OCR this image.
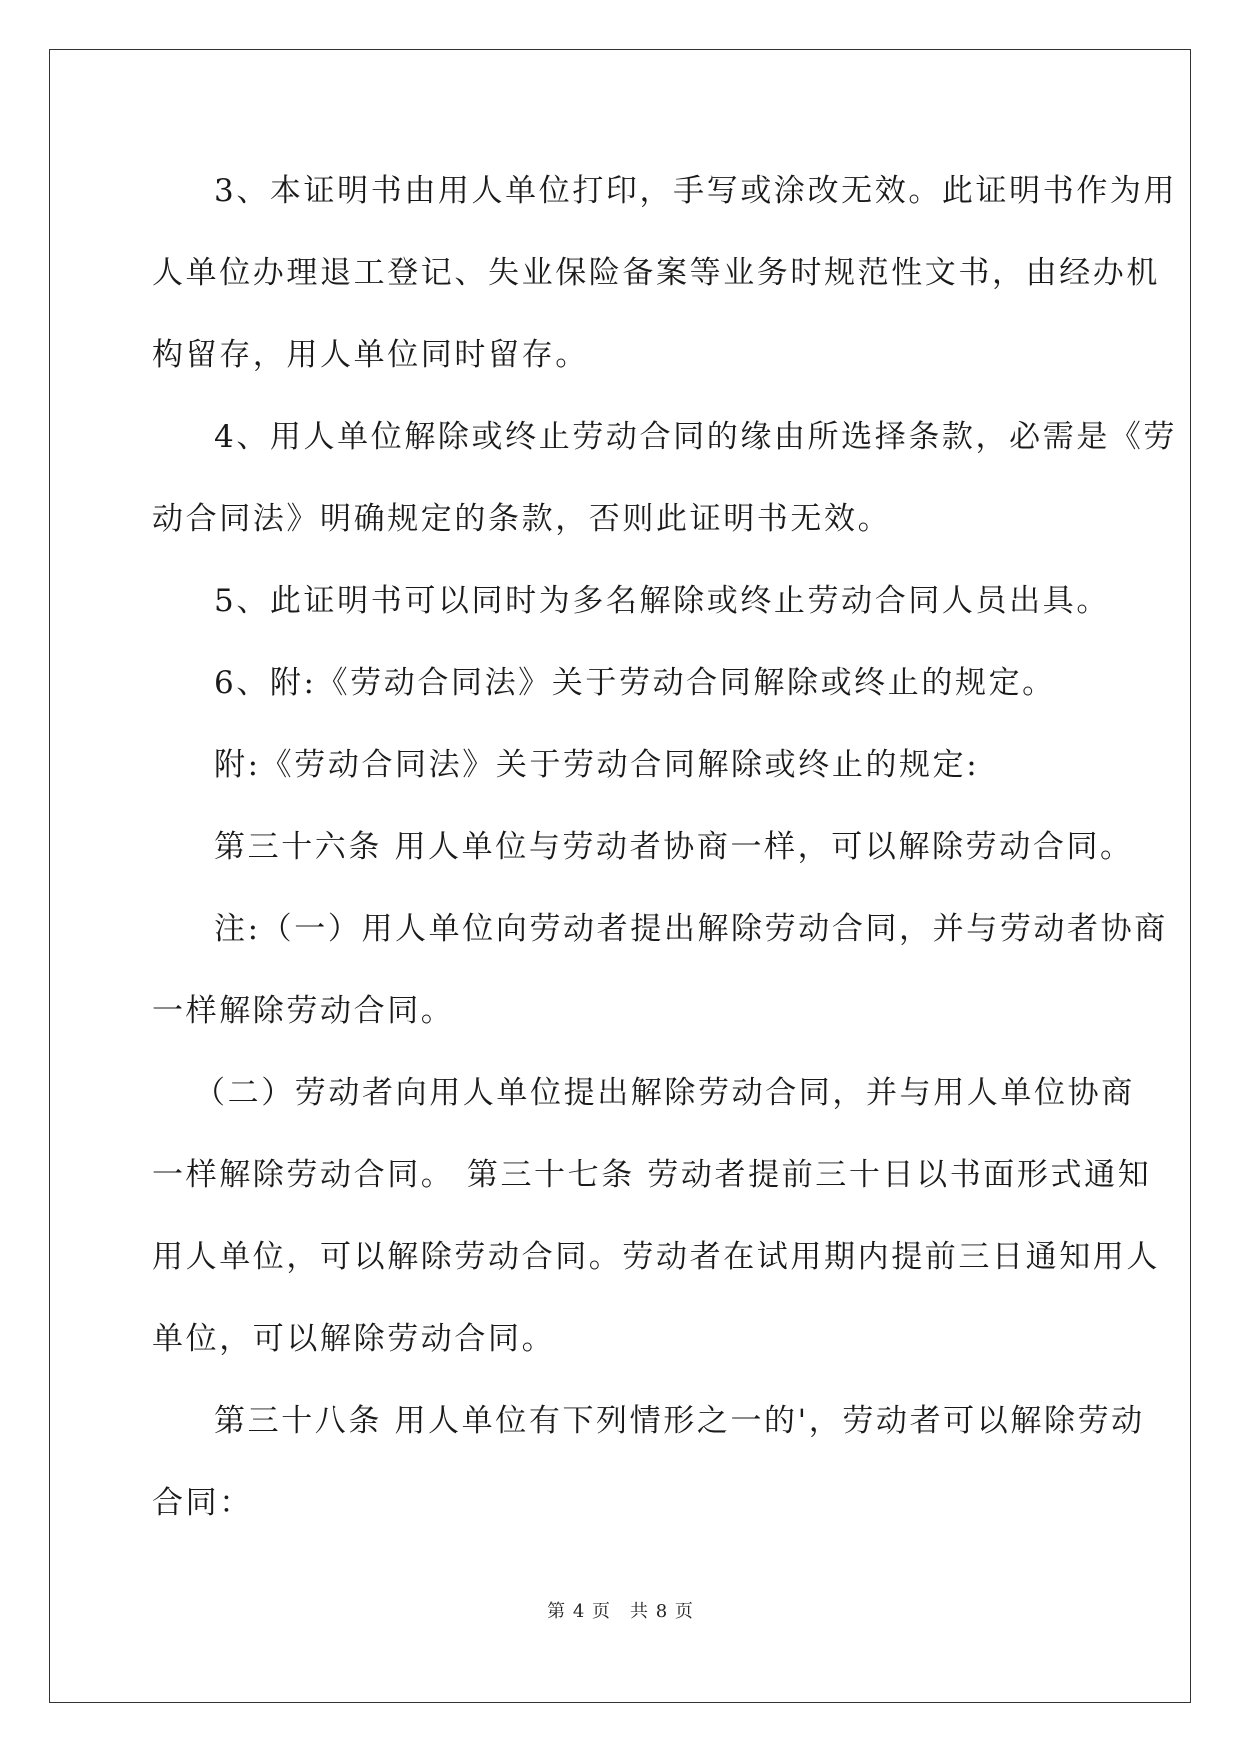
3、本证明书由用人单位打印，手写或涂改无效。此证明书作为用

人单位办理退工登记、失业保险备案等业务时规范性文书，由经办机

构留存，用人单位同时留存。

4、用人单位解除或终止劳动合同的缘由所选择条款，必需是《劳

动合同法》明确规定的条款，否则此证明书无效。

5、此证明书可以同时为多名解除或终止劳动合同人员出具。

6、附:《劳动合同法》关于劳动合同解除或终止的规定。

附:《劳动合同法》关于劳动合同解除或终止的规定:

第三十六条 用人单位与劳动者协商一样，可以解除劳动合同。

注:（一）用人单位向劳动者提出解除劳动合同，并与劳动者协商

一样解除劳动合同。

（二）劳动者向用人单位提出解除劳动合同，并与用人单位协商

一样解除劳动合同。 第三十七条 劳动者提前三十日以书面形式通知

用人单位，可以解除劳动合同。劳动者在试用期内提前三日通知用人

单位，可以解除劳动合同。

第三十八条 用人单位有下列情形之一的'，劳动者可以解除劳动

合同：

第 4 页　共 8 页
